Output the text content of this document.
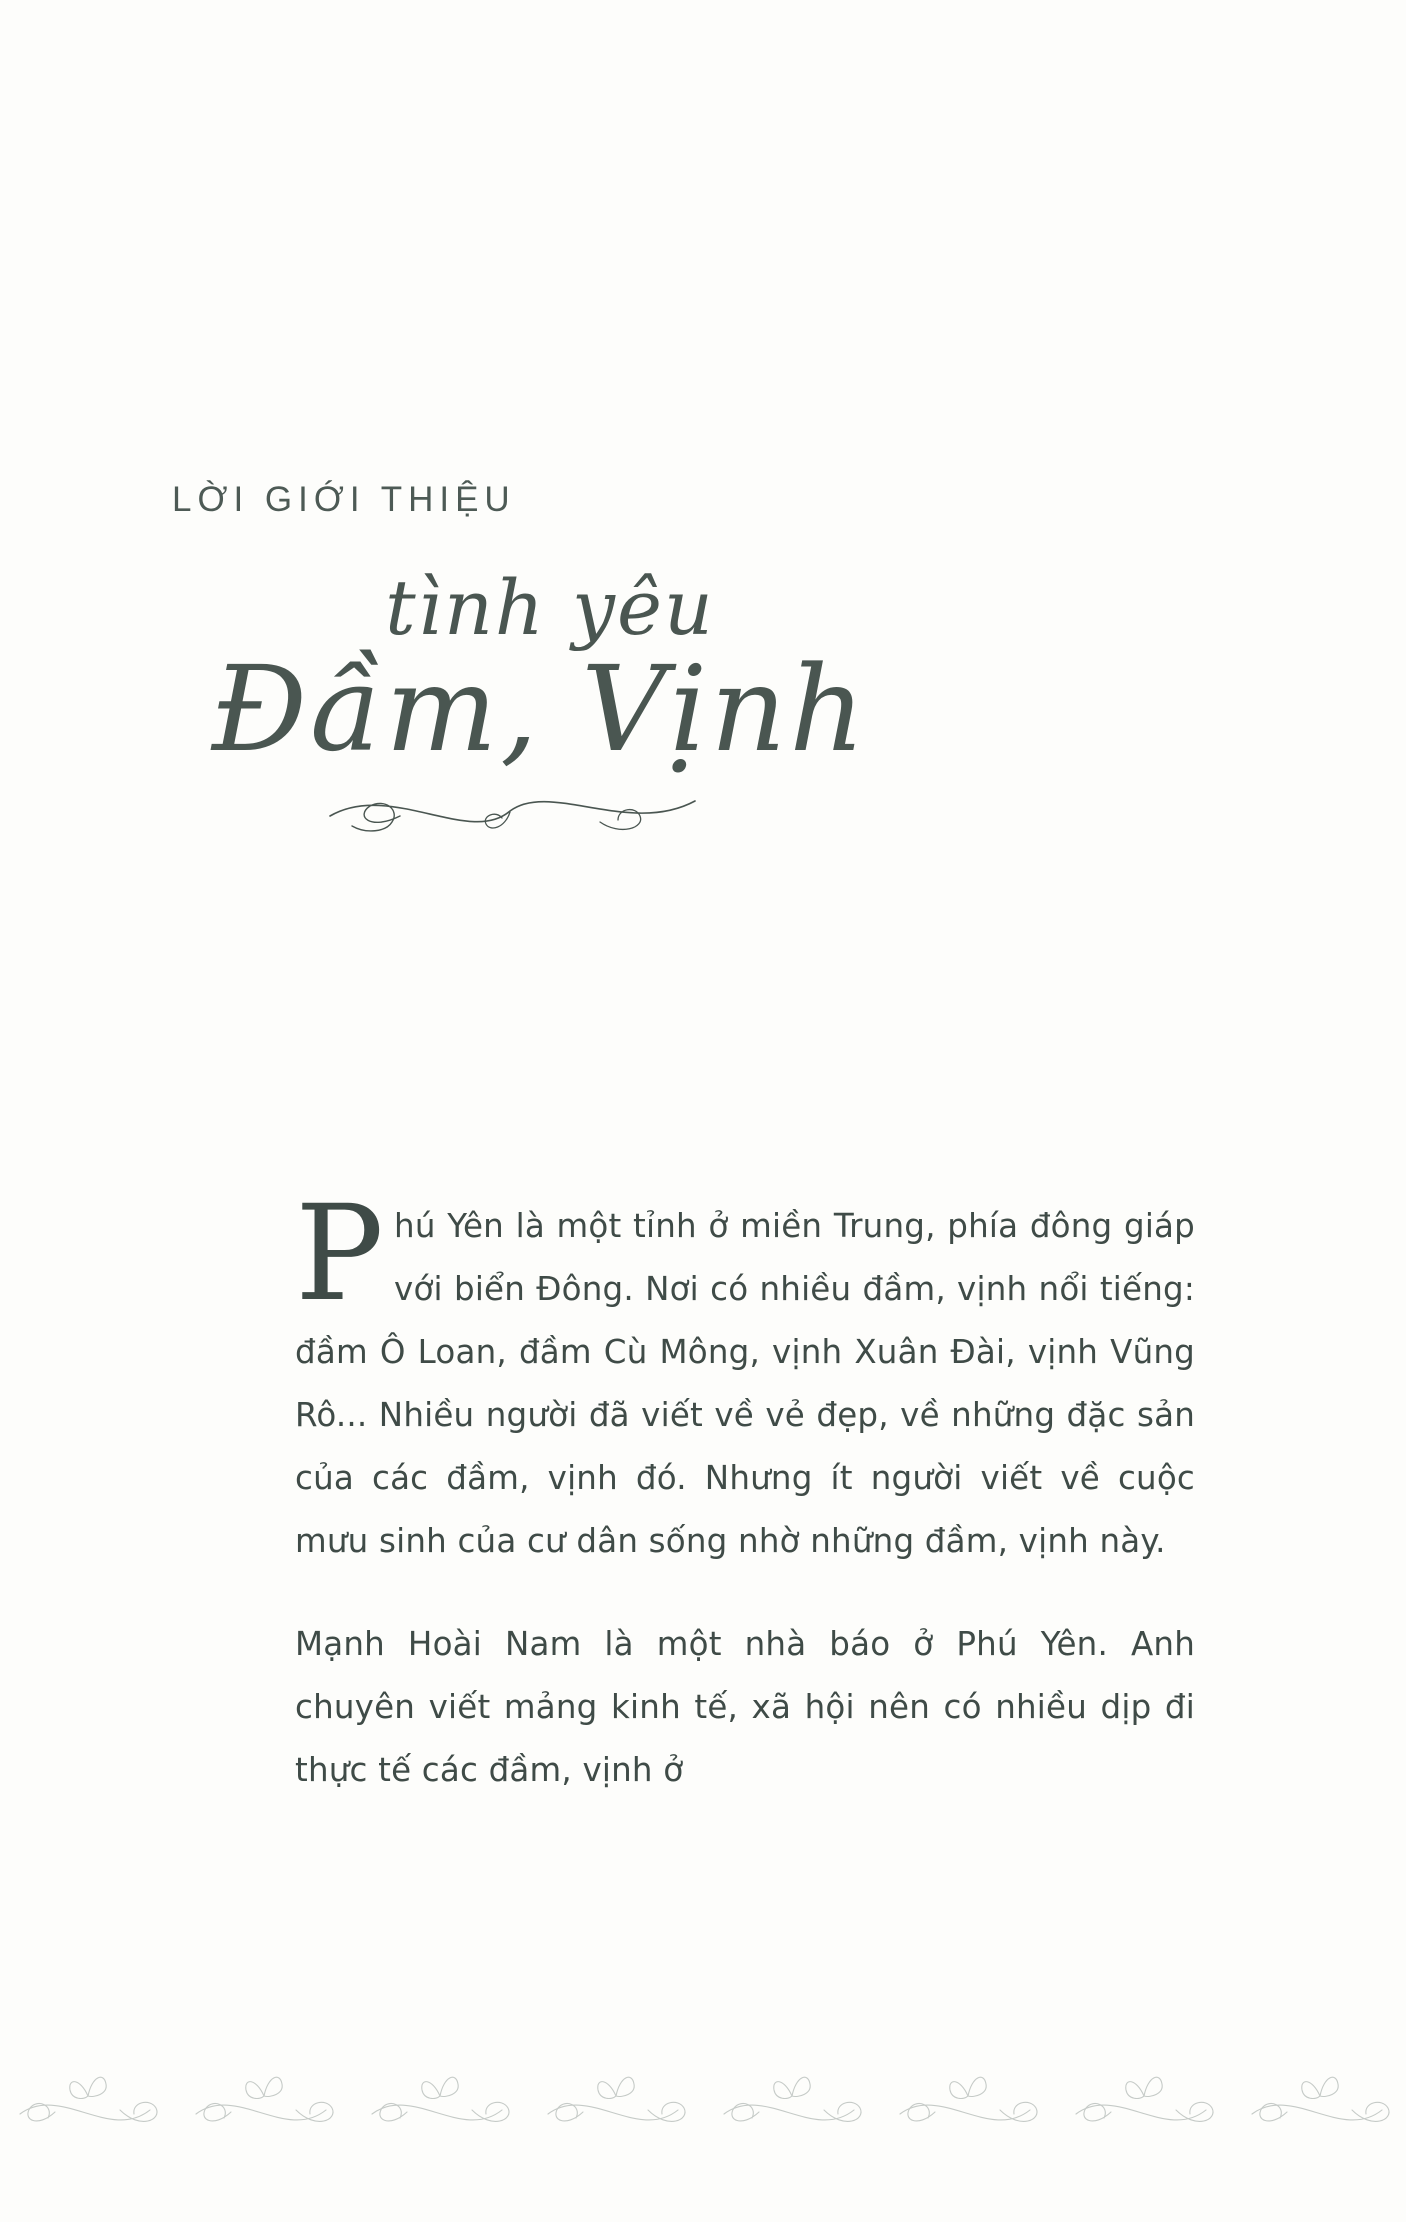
LỜI GIỚI THIỆU
tình yêu
Đầm, Vịnh

Phú Yên là một tỉnh ở miền Trung, phía đông giáp với biển Đông. Nơi có nhiều đầm, vịnh nổi tiếng: đầm Ô Loan, đầm Cù Mông, vịnh Xuân Đài, vịnh Vũng Rô... Nhiều người đã viết về vẻ đẹp, về những đặc sản của các đầm, vịnh đó. Nhưng ít người viết về cuộc mưu sinh của cư dân sống nhờ những đầm, vịnh này.

Mạnh Hoài Nam là một nhà báo ở Phú Yên. Anh chuyên viết mảng kinh tế, xã hội nên có nhiều dịp đi thực tế các đầm, vịnh ở
